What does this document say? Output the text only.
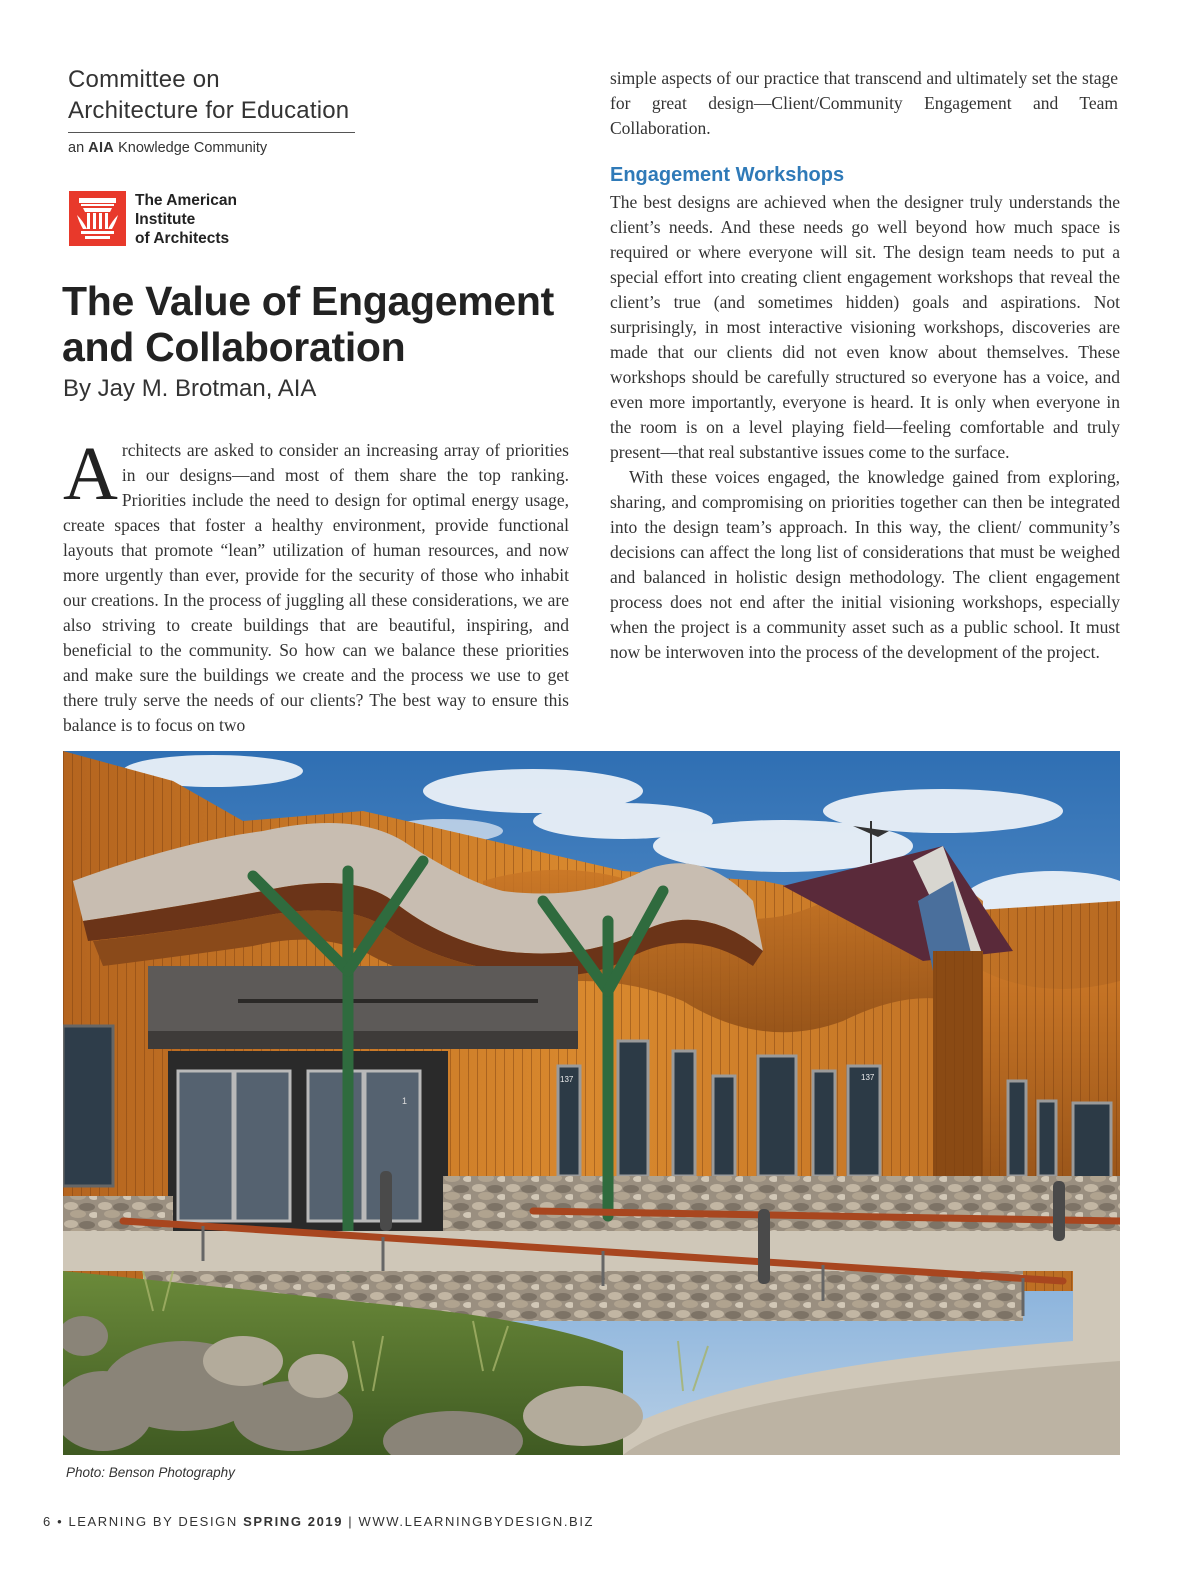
Committee on
Architecture for Education
an AIA Knowledge Community
The American
Institute
of Architects
The Value of Engagement
and Collaboration
By Jay M. Brotman, AIA

Architects are asked to consider an increasing array of priorities in our designs—and most of them share the top ranking. Priorities include the need to design for optimal energy usage, create spaces that foster a healthy environment, provide functional layouts that promote “lean” utilization of human resources, and now more urgently than ever, provide for the security of those who inhabit our creations. In the process of juggling all these considerations, we are also striving to create buildings that are beautiful, inspiring, and beneficial to the community. So how can we balance these priorities and make sure the buildings we create and the process we use to get there truly serve the needs of our clients? The best way to ensure this balance is to focus on two

simple aspects of our practice that transcend and ultimately set the stage for great design—Client/Community Engagement and Team Collaboration.

Engagement Workshops

The best designs are achieved when the designer truly understands the client’s needs. And these needs go well beyond how much space is required or where everyone will sit. The design team needs to put a special effort into creating client engagement workshops that reveal the client’s true (and sometimes hidden) goals and aspirations. Not surprisingly, in most interactive visioning workshops, discoveries are made that our clients did not even know about themselves. These workshops should be carefully structured so everyone has a voice, and even more importantly, everyone is heard. It is only when everyone in the room is on a level playing field—feeling comfortable and truly present—that real substantive issues come to the surface.

With these voices engaged, the knowledge gained from exploring, sharing, and compromising on priorities together can then be integrated into the design team’s approach. In this way, the client/ community’s decisions can affect the long list of considerations that must be weighed and balanced in holistic design methodology. The client engagement process does not end after the initial visioning workshops, especially when the project is a community asset such as a public school. It must now be interwoven into the process of the development of the project.

1
137	137
Photo: Benson Photography
6 • LEARNING BY DESIGN SPRING 2019 | WWW.LEARNINGBYDESIGN.BIZ
